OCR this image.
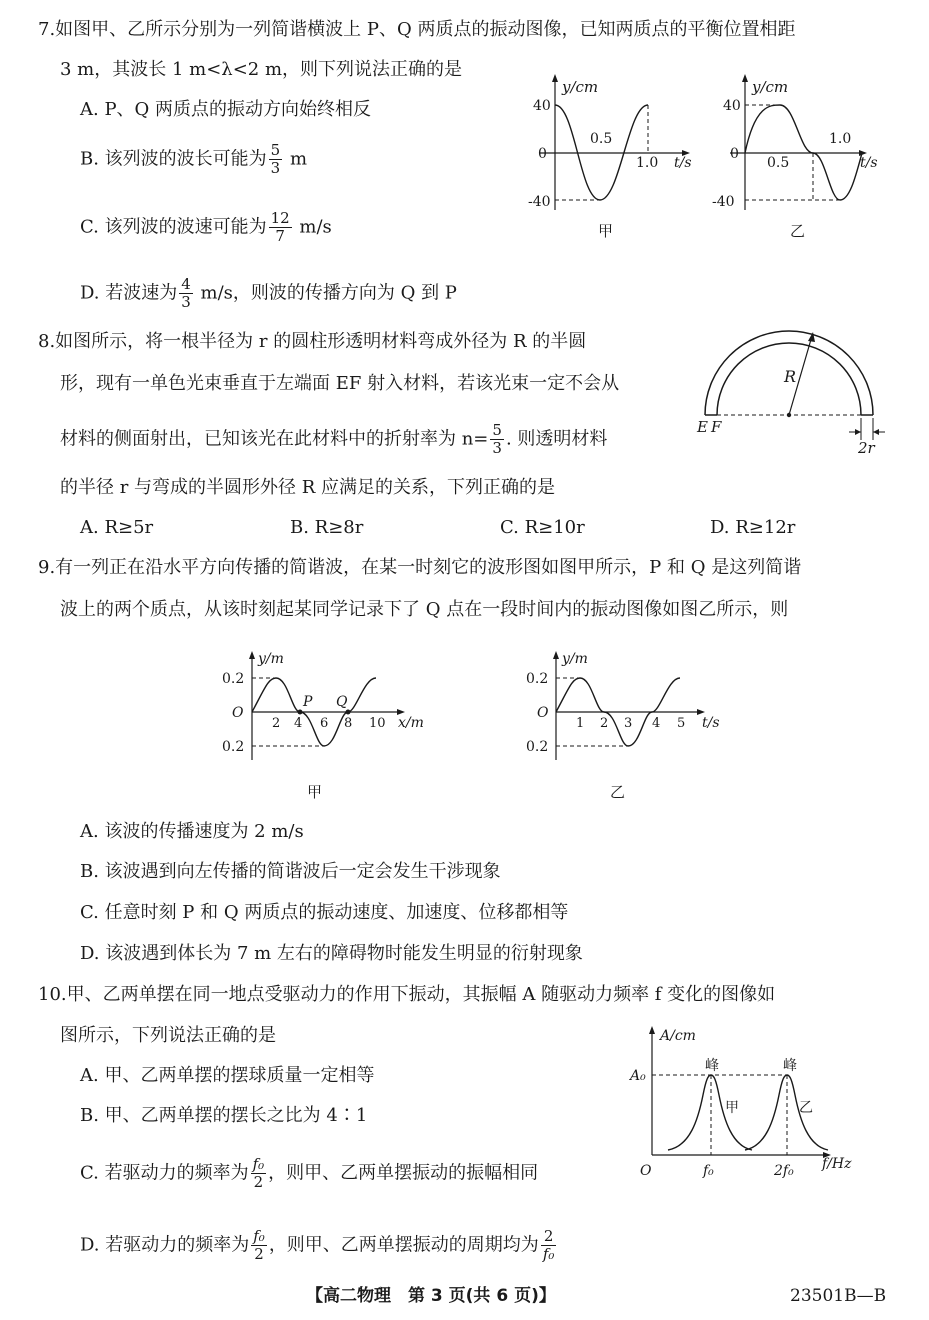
7.如图甲、乙所示分别为一列简谐横波上 P、Q 两质点的振动图像，已知两质点的平衡位置相距
3 m，其波长 1 m<λ<2 m，则下列说法正确的是
A. P、Q 两质点的振动方向始终相反
B. 该列波的波长可能为 $\frac{5}{3}$ m
C. 该列波的波速可能为 $\frac{12}{7} m/s$
D. 若波速为 $\frac{4}{3} m/s$，则波的传播方向为 Q 到 P
y/cm
40
0
-40
0.5
1.0 t/s
甲
y/cm
40
0
-40
0.5
1.0
t/s
乙
8.如图所示，将一根半径为 r 的圆柱形透明材料弯成外径为 R 的半圆
形，现有一单色光束垂直于左端面 EF 射入材料，若该光束一定不会从
材料的侧面射出，已知该光在此材料中的折射率为 $n= \frac{5}{3}$ . 则透明材料
的半径 r 与弯成的半圆形外径 R 应满足的关系，下列正确的是
A. R≥5r	B. R≥8r	C. R≥10r	D. R≥12r
R
E F
2r
9.有一列正在沿水平方向传播的简谐波，在某一时刻它的波形图如图甲所示，P 和 Q 是这列简谐
波上的两个质点，从该时刻起某同学记录下了 Q 点在一段时间内的振动图像如图乙所示，则
y/m
0.2
0.2
O
2 4 6 8 10 x/m
P Q
甲
y/m
0.2
0.2
O
1 2 3 4 5 t/s
乙
A. 该波的传播速度为 2 m/s
B. 该波遇到向左传播的简谐波后一定会发生干涉现象
C. 任意时刻 P 和 Q 两质点的振动速度、加速度、位移都相等
D. 该波遇到体长为 7 m 左右的障碍物时能发生明显的衍射现象
10.甲、乙两单摆在同一地点受驱动力的作用下振动，其振幅 A 随驱动力频率 f 变化的图像如
图所示，下列说法正确的是
A. 甲、乙两单摆的摆球质量一定相等
B. 甲、乙两单摆的摆长之比为 4∶1
C. 若驱动力的频率为 $\frac{\text{f₀}}{2}$ ，则甲、乙两单摆振动的振幅相同
D. 若驱动力的频率为 $\frac{\text{f₀}}{2}$ ，则甲、乙两单摆振动的周期均为 $\frac{2}{\text{f₀}}$
A/cm
A₀
O	f₀	2f₀ f/Hz
峰	峰
甲	乙
【高二物理  第 3 页(共 6 页)】	23501B—B
